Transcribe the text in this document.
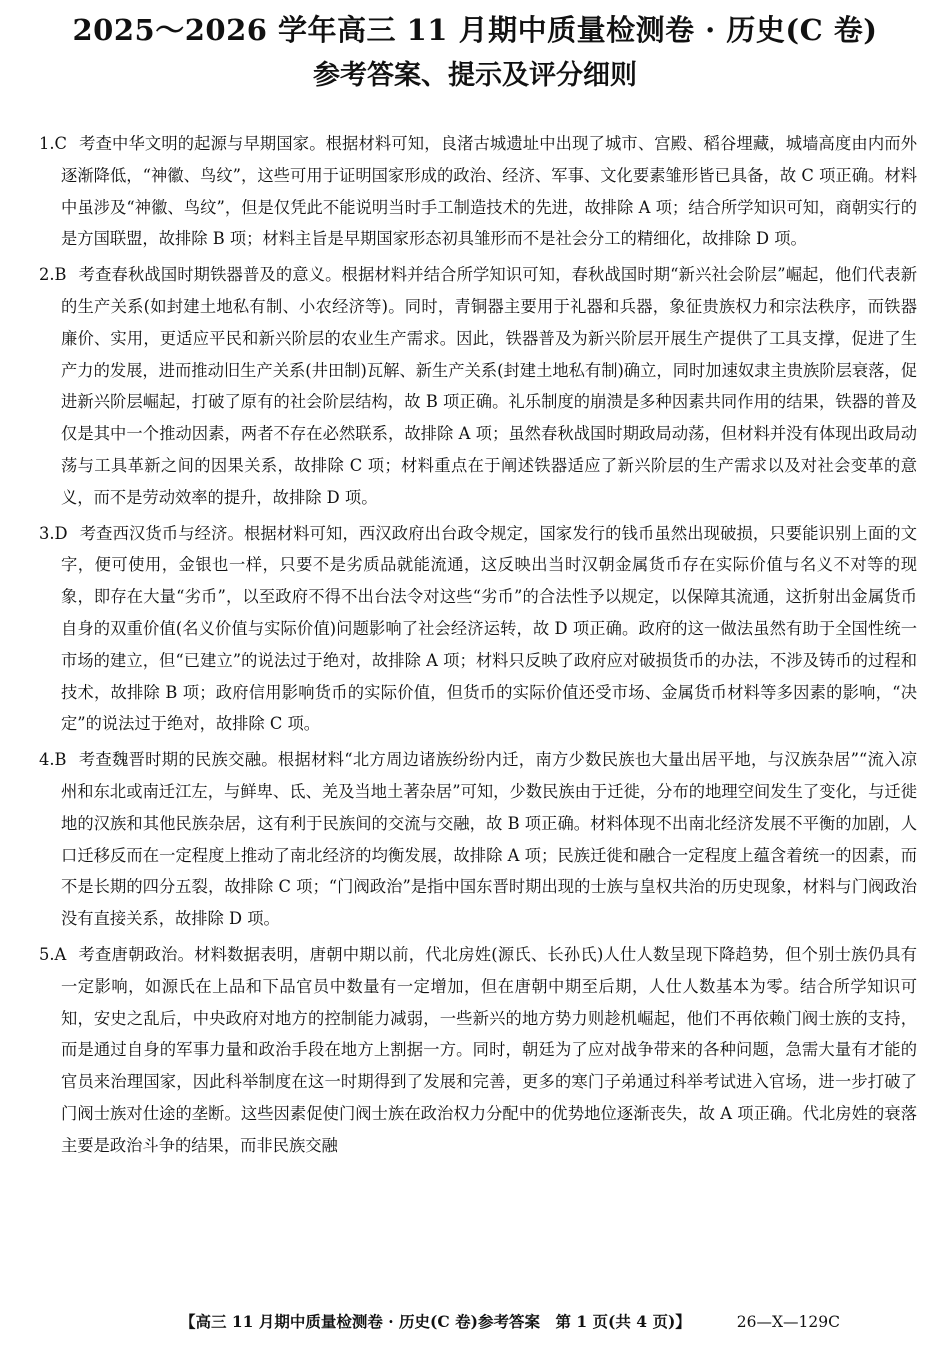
2025～2026 学年高三 11 月期中质量检测卷 · 历史(C 卷)
参考答案、提示及评分细则

1.C 考查中华文明的起源与早期国家。根据材料可知，良渚古城遗址中出现了城市、宫殿、稻谷埋藏，城墙高度由内而外逐渐降低，“神徽、鸟纹”，这些可用于证明国家形成的政治、经济、军事、文化要素雏形皆已具备，故 C 项正确。材料中虽涉及“神徽、鸟纹”，但是仅凭此不能说明当时手工制造技术的先进，故排除 A 项；结合所学知识可知，商朝实行的是方国联盟，故排除 B 项；材料主旨是早期国家形态初具雏形而不是社会分工的精细化，故排除 D 项。

2.B 考查春秋战国时期铁器普及的意义。根据材料并结合所学知识可知，春秋战国时期“新兴社会阶层”崛起，他们代表新的生产关系(如封建土地私有制、小农经济等)。同时，青铜器主要用于礼器和兵器，象征贵族权力和宗法秩序，而铁器廉价、实用，更适应平民和新兴阶层的农业生产需求。因此，铁器普及为新兴阶层开展生产提供了工具支撑，促进了生产力的发展，进而推动旧生产关系(井田制)瓦解、新生产关系(封建土地私有制)确立，同时加速奴隶主贵族阶层衰落，促进新兴阶层崛起，打破了原有的社会阶层结构，故 B 项正确。礼乐制度的崩溃是多种因素共同作用的结果，铁器的普及仅是其中一个推动因素，两者不存在必然联系，故排除 A 项；虽然春秋战国时期政局动荡，但材料并没有体现出政局动荡与工具革新之间的因果关系，故排除 C 项；材料重点在于阐述铁器适应了新兴阶层的生产需求以及对社会变革的意义，而不是劳动效率的提升，故排除 D 项。

3.D 考查西汉货币与经济。根据材料可知，西汉政府出台政令规定，国家发行的钱币虽然出现破损，只要能识别上面的文字，便可使用，金银也一样，只要不是劣质品就能流通，这反映出当时汉朝金属货币存在实际价值与名义不对等的现象，即存在大量“劣币”，以至政府不得不出台法令对这些“劣币”的合法性予以规定，以保障其流通，这折射出金属货币自身的双重价值(名义价值与实际价值)问题影响了社会经济运转，故 D 项正确。政府的这一做法虽然有助于全国性统一市场的建立，但“已建立”的说法过于绝对，故排除 A 项；材料只反映了政府应对破损货币的办法，不涉及铸币的过程和技术，故排除 B 项；政府信用影响货币的实际价值，但货币的实际价值还受市场、金属货币材料等多因素的影响，“决定”的说法过于绝对，故排除 C 项。

4.B 考查魏晋时期的民族交融。根据材料“北方周边诸族纷纷内迁，南方少数民族也大量出居平地，与汉族杂居”“流入凉州和东北或南迁江左，与鲜卑、氐、羌及当地土著杂居”可知，少数民族由于迁徙，分布的地理空间发生了变化，与迁徙地的汉族和其他民族杂居，这有利于民族间的交流与交融，故 B 项正确。材料体现不出南北经济发展不平衡的加剧，人口迁移反而在一定程度上推动了南北经济的均衡发展，故排除 A 项；民族迁徙和融合一定程度上蕴含着统一的因素，而不是长期的四分五裂，故排除 C 项；“门阀政治”是指中国东晋时期出现的士族与皇权共治的历史现象，材料与门阀政治没有直接关系，故排除 D 项。

5.A 考查唐朝政治。材料数据表明，唐朝中期以前，代北房姓(源氏、长孙氏)人仕人数呈现下降趋势，但个别士族仍具有一定影响，如源氏在上品和下品官员中数量有一定增加，但在唐朝中期至后期，人仕人数基本为零。结合所学知识可知，安史之乱后，中央政府对地方的控制能力减弱，一些新兴的地方势力则趁机崛起，他们不再依赖门阀士族的支持，而是通过自身的军事力量和政治手段在地方上割据一方。同时，朝廷为了应对战争带来的各种问题，急需大量有才能的官员来治理国家，因此科举制度在这一时期得到了发展和完善，更多的寒门子弟通过科举考试进入官场，进一步打破了门阀士族对仕途的垄断。这些因素促使门阀士族在政治权力分配中的优势地位逐渐丧失，故 A 项正确。代北房姓的衰落主要是政治斗争的结果，而非民族交融

【高三 11 月期中质量检测卷 · 历史(C 卷)参考答案　第 1 页(共 4 页)】	26—X—129C
